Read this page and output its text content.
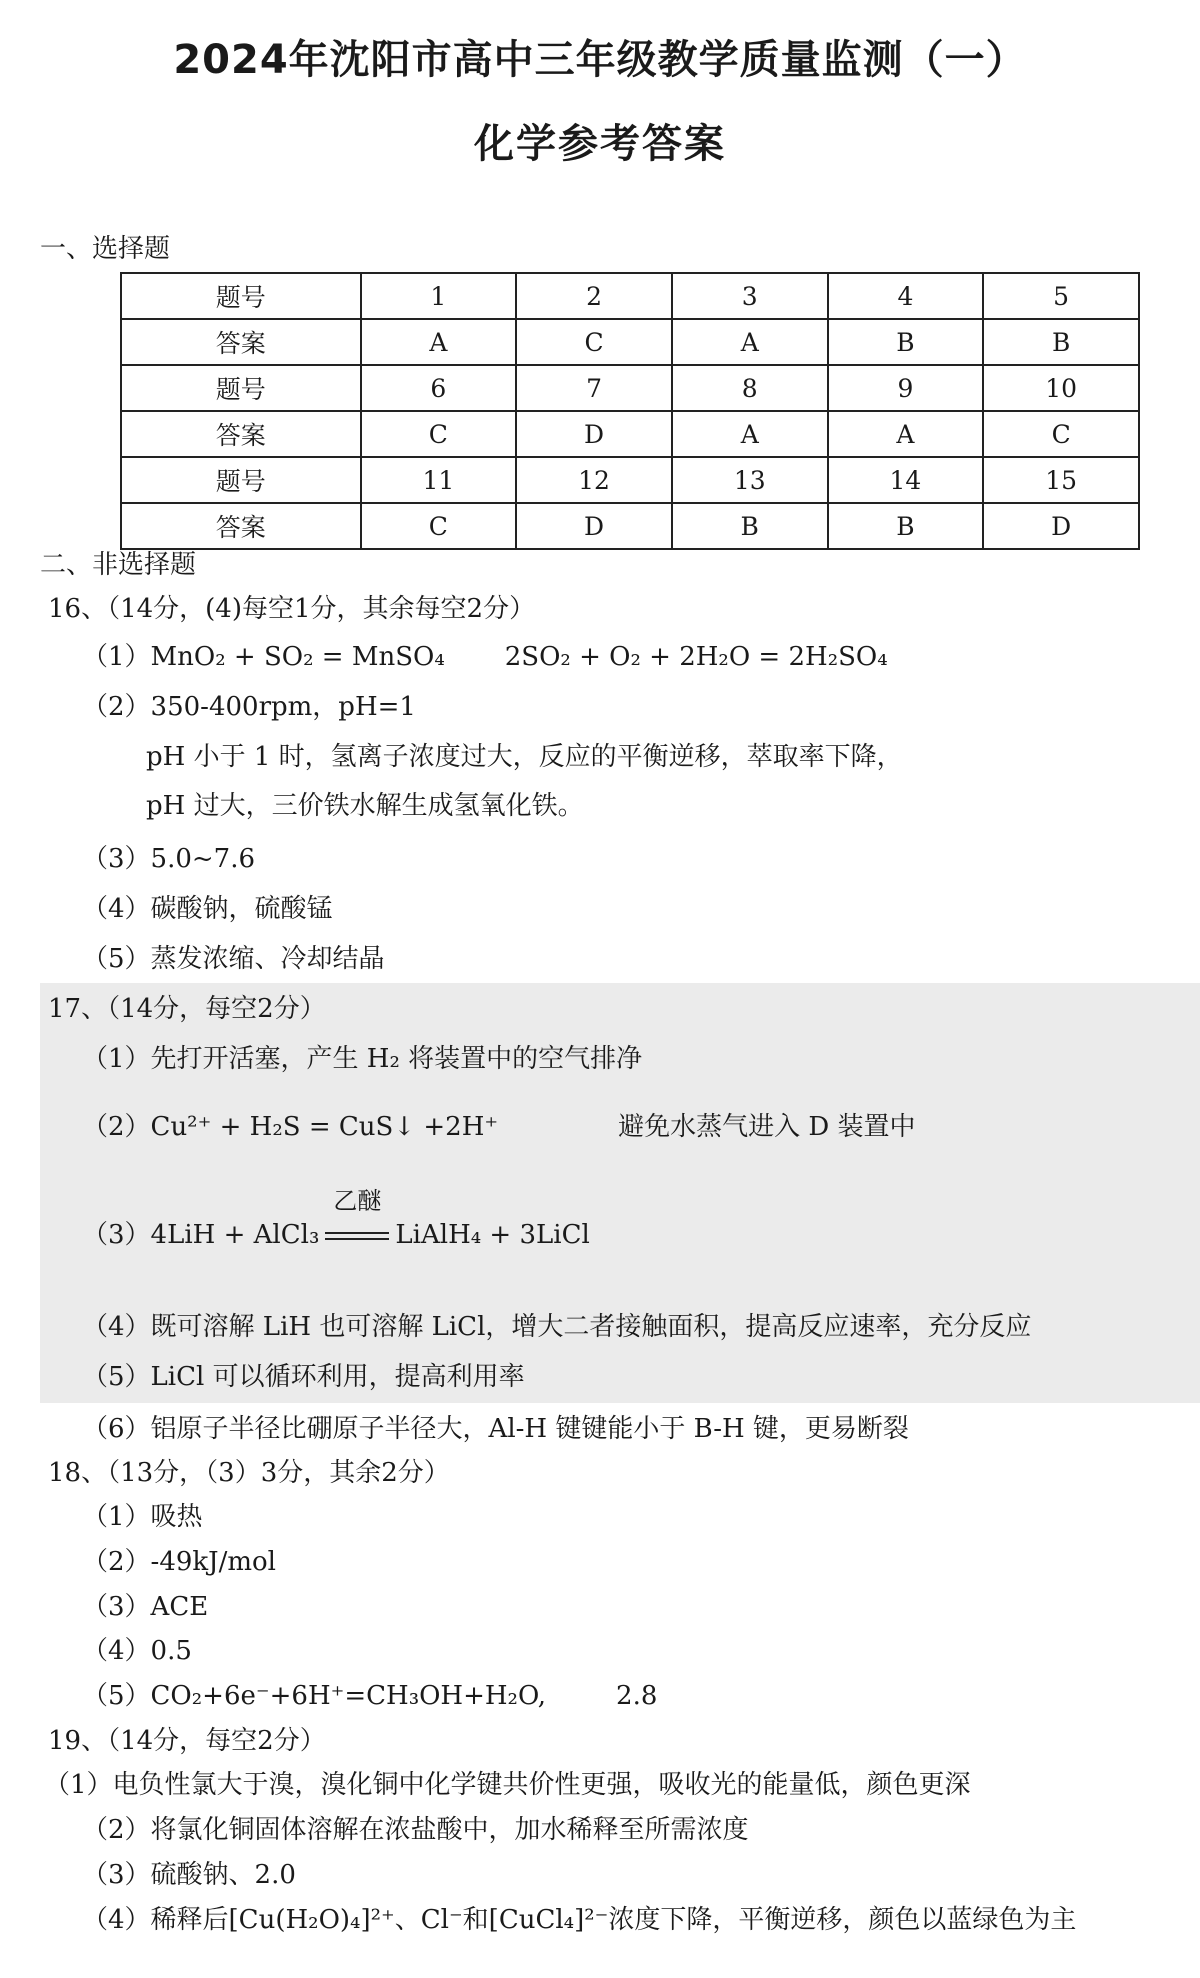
2024年沈阳市高中三年级教学质量监测（一）
化学参考答案
一、选择题
题号	1	2	3	4	5
答案	A	C	A	B	B
题号	6	7	8	9	10
答案	C	D	A	A	C
题号	11	12	13	14	15
答案	C	D	B	B	D
二、非选择题
16、（14分，(4)每空1分，其余每空2分）
（1）MnO₂ + SO₂ = MnSO₄ 2SO₂ + O₂ + 2H₂O = 2H₂SO₄
（2）350-400rpm，pH=1
pH 小于 1 时，氢离子浓度过大，反应的平衡逆移，萃取率下降，
pH 过大，三价铁水解生成氢氧化铁。
（3）5.0~7.6
（4）碳酸钠，硫酸锰
（5）蒸发浓缩、冷却结晶
17、（14分，每空2分）
（1）先打开活塞，产生 H₂ 将装置中的空气排净
（2）Cu²⁺ + H₂S = CuS↓ +2H⁺	避免水蒸气进入 D 装置中
（3）4LiH + AlCl₃
乙醚
LiAlH₄ + 3LiCl
（4）既可溶解 LiH 也可溶解 LiCl，增大二者接触面积，提高反应速率，充分反应
（5）LiCl 可以循环利用，提高利用率
（6）铝原子半径比硼原子半径大，Al-H 键键能小于 B-H 键，更易断裂
18、（13分，（3）3分，其余2分）
（1）吸热
（2）-49kJ/mol
（3）ACE
（4）0.5
（5）CO₂+6e⁻+6H⁺=CH₃OH+H₂O,	2.8
19、（14分，每空2分）
（1）电负性氯大于溴，溴化铜中化学键共价性更强，吸收光的能量低，颜色更深
（2）将氯化铜固体溶解在浓盐酸中，加水稀释至所需浓度
（3）硫酸钠、2.0
（4）稀释后[Cu(H₂O)₄]²⁺、Cl⁻和[CuCl₄]²⁻浓度下降，平衡逆移，颜色以蓝绿色为主
